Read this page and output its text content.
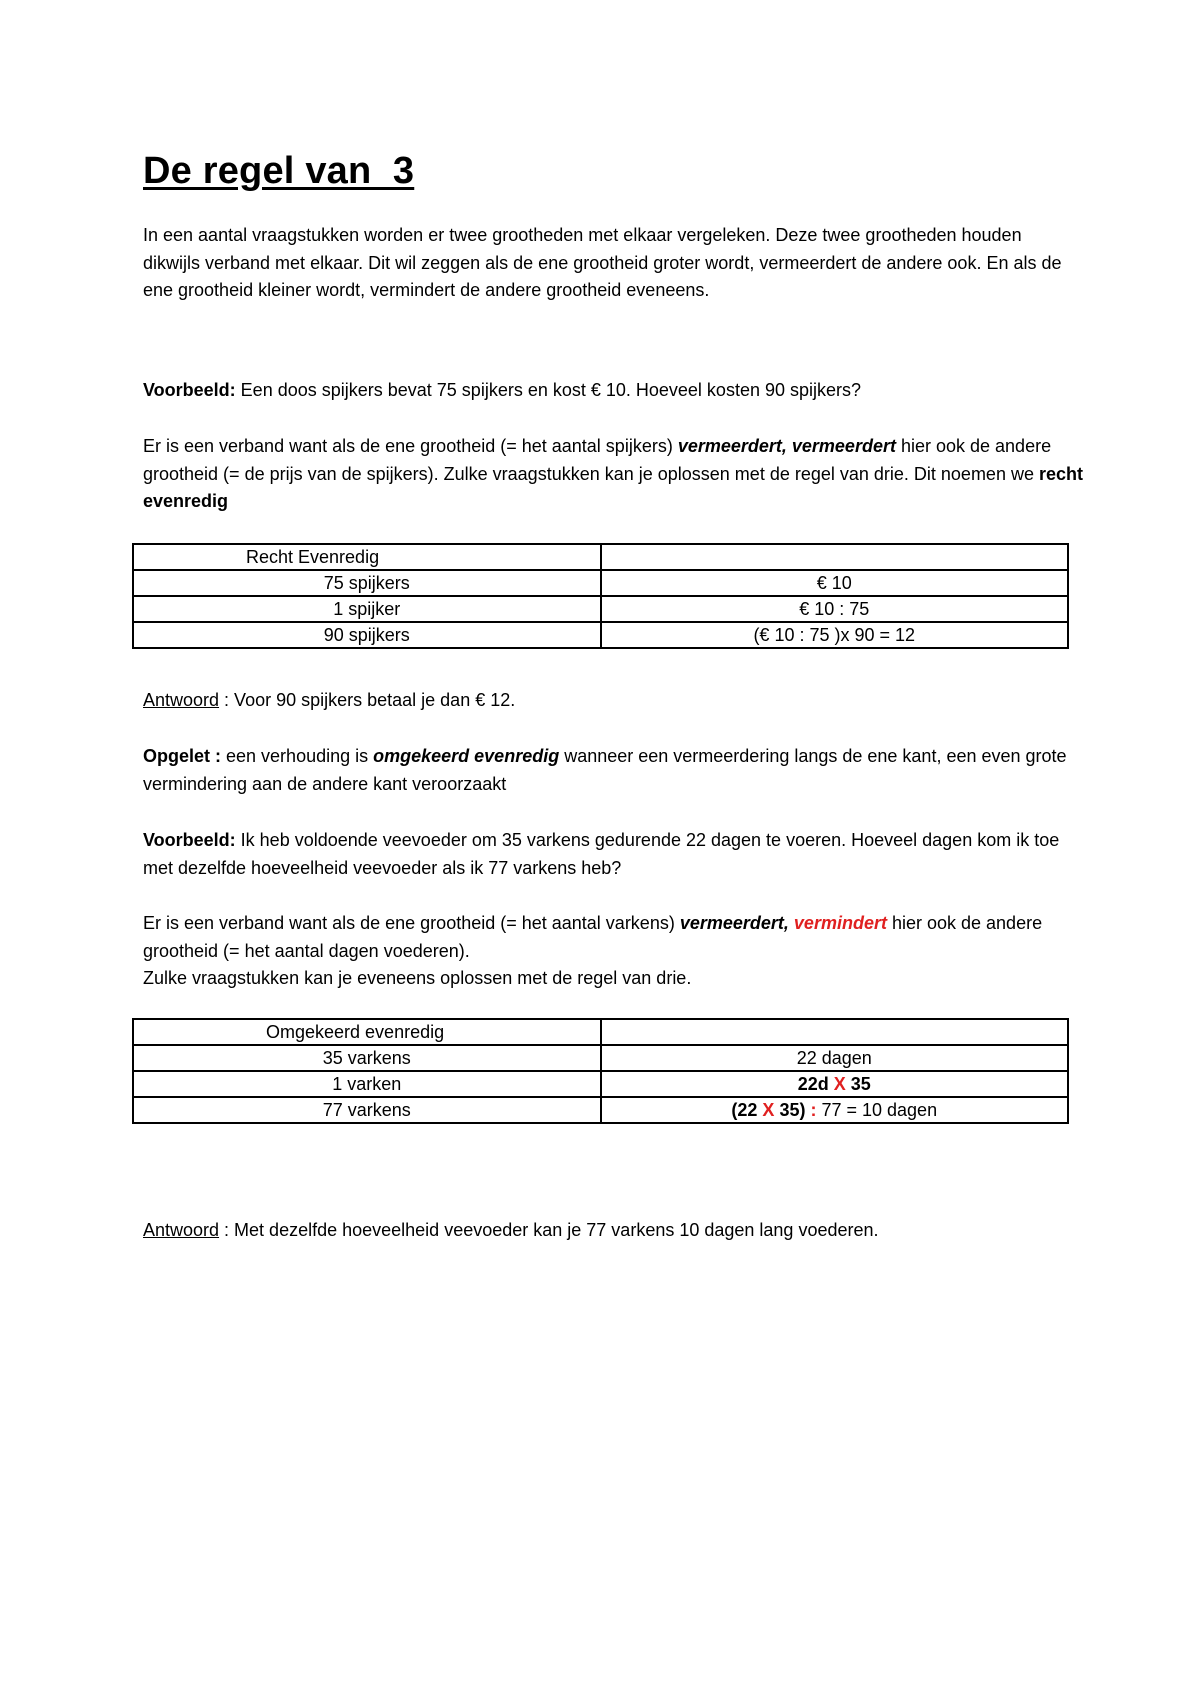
De regel van  3

In een aantal vraagstukken worden er twee grootheden met elkaar vergeleken. Deze twee grootheden houden dikwijls verband met elkaar. Dit wil zeggen als de ene grootheid groter wordt, vermeerdert de andere ook. En als de ene grootheid kleiner wordt, vermindert de andere grootheid eveneens.

Voorbeeld: Een doos spijkers bevat 75 spijkers en kost € 10. Hoeveel kosten 90 spijkers?

Er is een verband want als de ene grootheid (= het aantal spijkers) vermeerdert, vermeerdert hier ook de andere grootheid (= de prijs van de spijkers). Zulke vraagstukken kan je oplossen met de regel van drie. Dit noemen we recht evenredig

Recht Evenredig	
75 spijkers	€ 10
1 spijker	€ 10 : 75
90 spijkers	(€ 10 : 75 )x 90 = 12

Antwoord : Voor 90 spijkers betaal je dan € 12.

Opgelet : een verhouding is omgekeerd evenredig wanneer een vermeerdering langs de ene kant, een even grote vermindering aan de andere kant veroorzaakt

Voorbeeld: Ik heb voldoende veevoeder om 35 varkens gedurende 22 dagen te voeren. Hoeveel dagen kom ik toe met dezelfde hoeveelheid veevoeder als ik 77 varkens heb?

Er is een verband want als de ene grootheid (= het aantal varkens) vermeerdert, vermindert hier ook de andere grootheid (= het aantal dagen voederen).
Zulke vraagstukken kan je eveneens oplossen met de regel van drie.

Omgekeerd evenredig	
35 varkens	22 dagen
1 varken	22d X 35
77 varkens	(22 X 35) : 77 = 10 dagen

Antwoord : Met dezelfde hoeveelheid veevoeder kan je 77 varkens 10 dagen lang voederen.
